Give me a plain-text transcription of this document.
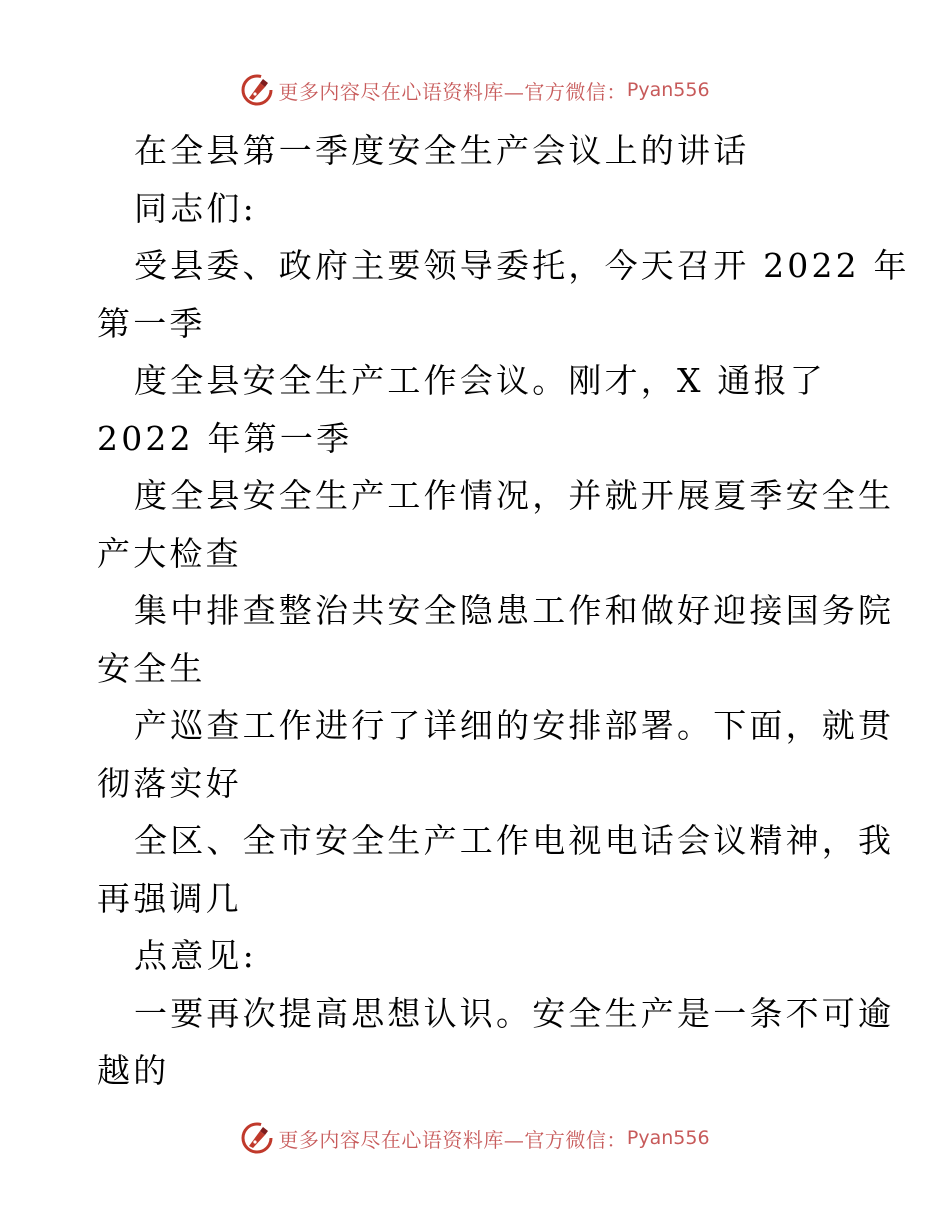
更多内容尽在心语资料库—官方微信： Pyan556
在全县第一季度安全生产会议上的讲话
同志们:
受县委、政府主要领导委托，今天召开 2022 年
第一季
度全县安全生产工作会议。刚才，X 通报了
2022 年第一季
度全县安全生产工作情况，并就开展夏季安全生
产大检查
集中排查整治共安全隐患工作和做好迎接国务院
安全生
产巡查工作进行了详细的安排部署。下面，就贯
彻落实好
全区、全市安全生产工作电视电话会议精神，我
再强调几
点意见:
一要再次提高思想认识。安全生产是一条不可逾
越的
更多内容尽在心语资料库—官方微信： Pyan556
